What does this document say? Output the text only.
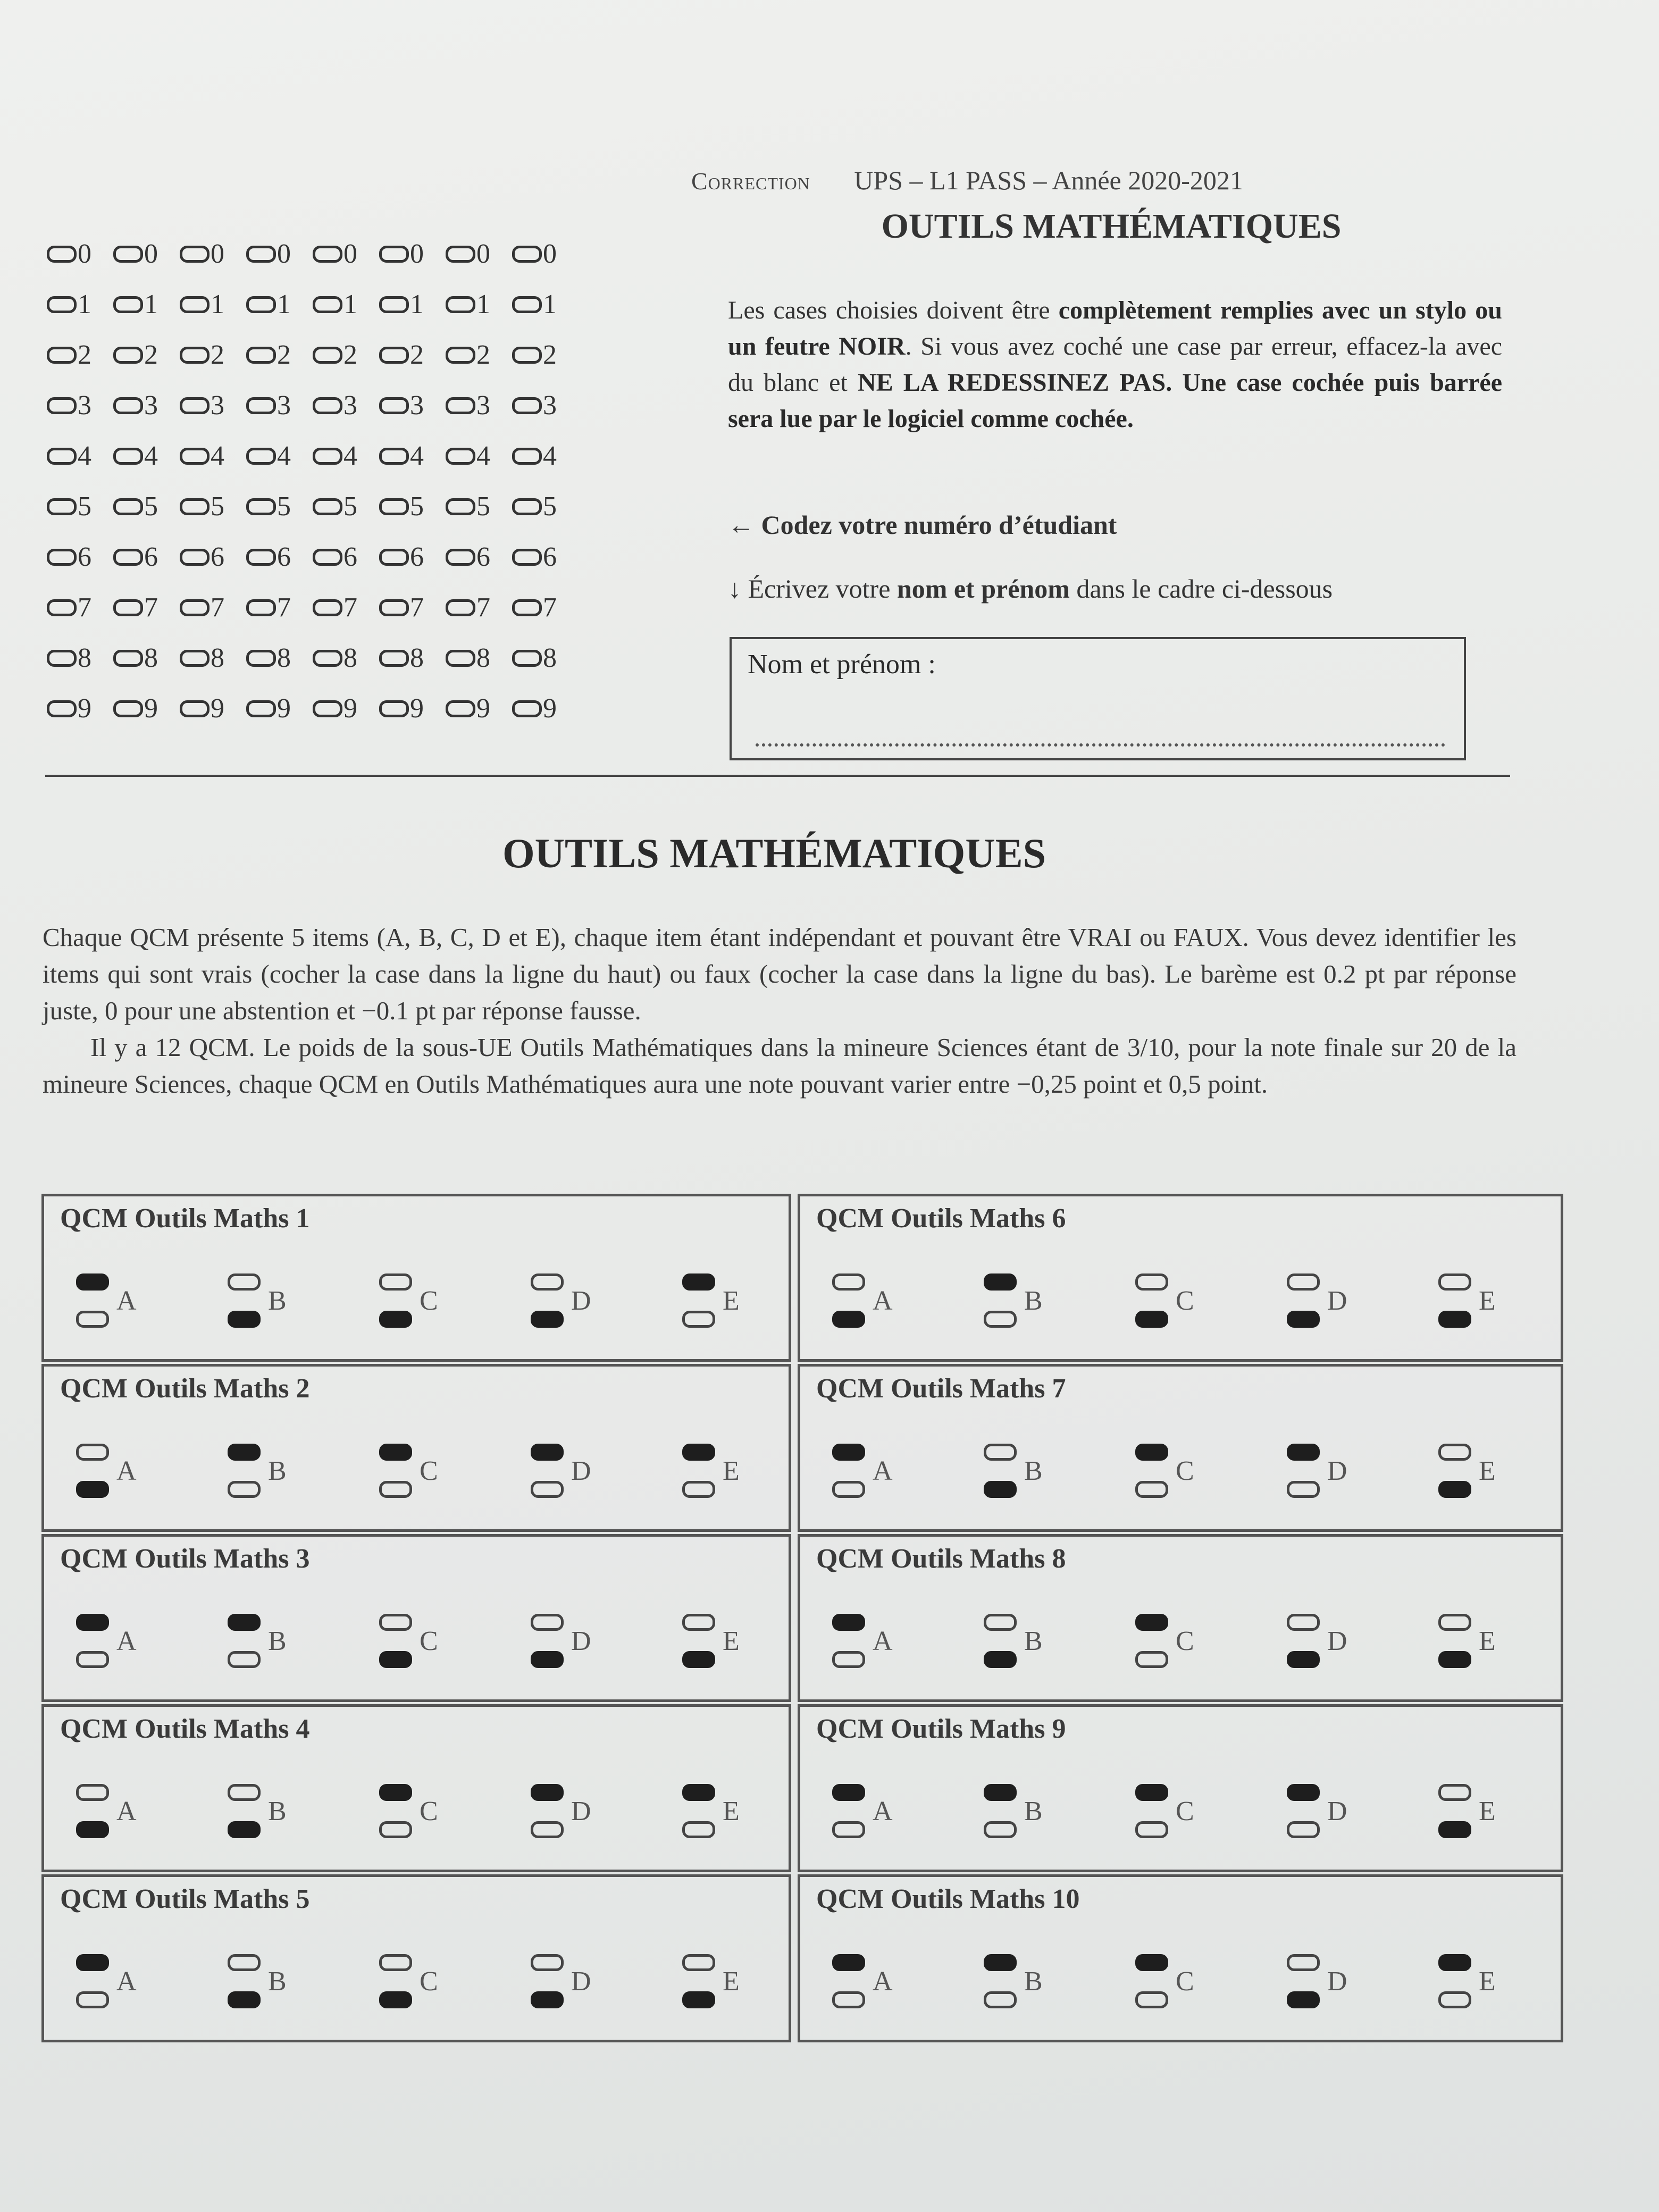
0 0 0 0 0 0 0 0
1 1 1 1 1 1 1 1
2 2 2 2 2 2 2 2
3 3 3 3 3 3 3 3
4 4 4 4 4 4 4 4
5 5 5 5 5 5 5 5
6 6 6 6 6 6 6 6
7 7 7 7 7 7 7 7
8 8 8 8 8 8 8 8
9 9 9 9 9 9 9 9
Correction UPS – L1 PASS – Année 2020-2021
OUTILS MATHÉMATIQUES
Les cases choisies doivent être complètement remplies avec un stylo ou un feutre NOIR. Si vous avez coché une case par erreur, effacez-la avec du blanc et NE LA REDESSINEZ PAS. Une case cochée puis barrée sera lue par le logiciel comme cochée.
← Codez votre numéro d’étudiant
↓ Écrivez votre nom et prénom dans le cadre ci-dessous
Nom et prénom :
OUTILS MATHÉMATIQUES

Chaque QCM présente 5 items (A, B, C, D et E), chaque item étant indépendant et pouvant être VRAI ou FAUX. Vous devez identifier les items qui sont vrais (cocher la case dans la ligne du haut) ou faux (cocher la case dans la ligne du bas). Le barème est 0.2 pt par réponse juste, 0 pour une abstention et −0.1 pt par réponse fausse.

Il y a 12 QCM. Le poids de la sous-UE Outils Mathématiques dans la mineure Sciences étant de 3/10, pour la note finale sur 20 de la mineure Sciences, chaque QCM en Outils Mathématiques aura une note pouvant varier entre −0,25 point et 0,5 point.

QCM Outils Maths 1
A	B	C	D	E
QCM Outils Maths 6
A	B	C	D	E
QCM Outils Maths 2
A	B	C	D	E
QCM Outils Maths 7
A	B	C	D	E
QCM Outils Maths 3
A	B	C	D	E
QCM Outils Maths 8
A	B	C	D	E
QCM Outils Maths 4
A	B	C	D	E
QCM Outils Maths 9
A	B	C	D	E
QCM Outils Maths 5
A	B	C	D	E
QCM Outils Maths 10
A	B	C	D	E
